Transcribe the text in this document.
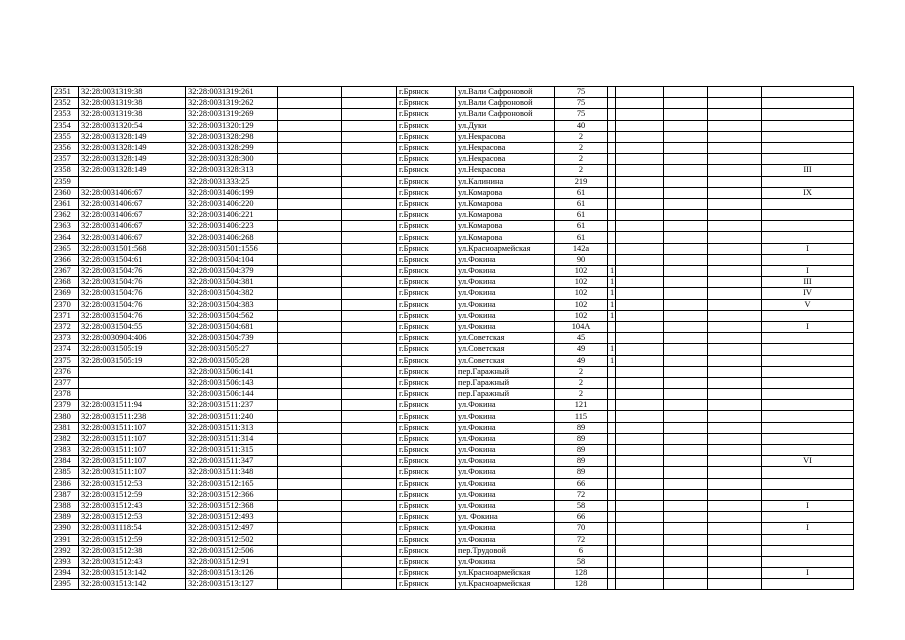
2351	32:28:0031319:38	32:28:0031319:261			г.Брянск	ул.Вали Сафроновой	75					
2352	32:28:0031319:38	32:28:0031319:262			г.Брянск	ул.Вали Сафроновой	75					
2353	32:28:0031319:38	32:28:0031319:269			г.Брянск	ул.Вали Сафроновой	75					
2354	32:28:0031320:54	32:28:0031320:129			г.Брянск	ул.Дуки	40					
2355	32:28:0031328:149	32:28:0031328:298			г.Брянск	ул.Некрасова	2					
2356	32:28:0031328:149	32:28:0031328:299			г.Брянск	ул.Некрасова	2					
2357	32:28:0031328:149	32:28:0031328:300			г.Брянск	ул.Некрасова	2					
2358	32:28:0031328:149	32:28:0031328:313			г.Брянск	ул.Некрасова	2					III
2359		32:28:0031333:25			г.Брянск	ул.Калинина	219					
2360	32:28:0031406:67	32:28:0031406:199			г.Брянск	ул.Комарова	61					IX
2361	32:28:0031406:67	32:28:0031406:220			г.Брянск	ул.Комарова	61					
2362	32:28:0031406:67	32:28:0031406:221			г.Брянск	ул.Комарова	61					
2363	32:28:0031406:67	32:28:0031406:223			г.Брянск	ул.Комарова	61					
2364	32:28:0031406:67	32:28:0031406:268			г.Брянск	ул.Комарова	61					
2365	32:28:0031501:568	32:28:0031501:1556			г.Брянск	ул.Красноармейская	142а					I
2366	32:28:0031504:61	32:28:0031504:104			г.Брянск	ул.Фокина	90					
2367	32:28:0031504:76	32:28:0031504:379			г.Брянск	ул.Фокина	102	1				I
2368	32:28:0031504:76	32:28:0031504:381			г.Брянск	ул.Фокина	102	1				III
2369	32:28:0031504:76	32:28:0031504:382			г.Брянск	ул.Фокина	102	1				IV
2370	32:28:0031504:76	32:28:0031504:383			г.Брянск	ул.Фокина	102	1				V
2371	32:28:0031504:76	32:28:0031504:562			г.Брянск	ул.Фокина	102	1				
2372	32:28:0031504:55	32:28:0031504:681			г.Брянск	ул.Фокина	104А					I
2373	32:28:0030904:406	32:28:0031504:739			г.Брянск	ул.Советская	45					
2374	32:28:0031505:19	32:28:0031505:27			г.Брянск	ул.Советская	49	1				
2375	32:28:0031505:19	32:28:0031505:28			г.Брянск	ул.Советская	49	1				
2376		32:28:0031506:141			г.Брянск	пер.Гаражный	2					
2377		32:28:0031506:143			г.Брянск	пер.Гаражный	2					
2378		32:28:0031506:144			г.Брянск	пер.Гаражный	2					
2379	32:28:0031511:94	32:28:0031511:237			г.Брянск	ул.Фокина	121					
2380	32:28:0031511:238	32:28:0031511:240			г.Брянск	ул.Фокина	115					
2381	32:28:0031511:107	32:28:0031511:313			г.Брянск	ул.Фокина	89					
2382	32:28:0031511:107	32:28:0031511:314			г.Брянск	ул.Фокина	89					
2383	32:28:0031511:107	32:28:0031511:315			г.Брянск	ул.Фокина	89					
2384	32:28:0031511:107	32:28:0031511:347			г.Брянск	ул.Фокина	89					VI
2385	32:28:0031511:107	32:28:0031511:348			г.Брянск	ул.Фокина	89					
2386	32:28:0031512:53	32:28:0031512:165			г.Брянск	ул.Фокина	66					
2387	32:28:0031512:59	32:28:0031512:366			г.Брянск	ул.Фокина	72					
2388	32:28:0031512:43	32:28:0031512:368			г.Брянск	ул.Фокина	58					I
2389	32:28:0031512:53	32:28:0031512:493			г.Брянск	ул. Фокина	66					
2390	32:28:0031118:54	32:28:0031512:497			г.Брянск	ул.Фокина	70					I
2391	32:28:0031512:59	32:28:0031512:502			г.Брянск	ул.Фокина	72					
2392	32:28:0031512:38	32:28:0031512:506			г.Брянск	пер.Трудовой	6					
2393	32:28:0031512:43	32:28:0031512:91			г.Брянск	ул.Фокина	58					
2394	32:28:0031513:142	32:28:0031513:126			г.Брянск	ул.Красноармейская	128					I
2395	32:28:0031513:142	32:28:0031513:127			г.Брянск	ул.Красноармейская	128					
